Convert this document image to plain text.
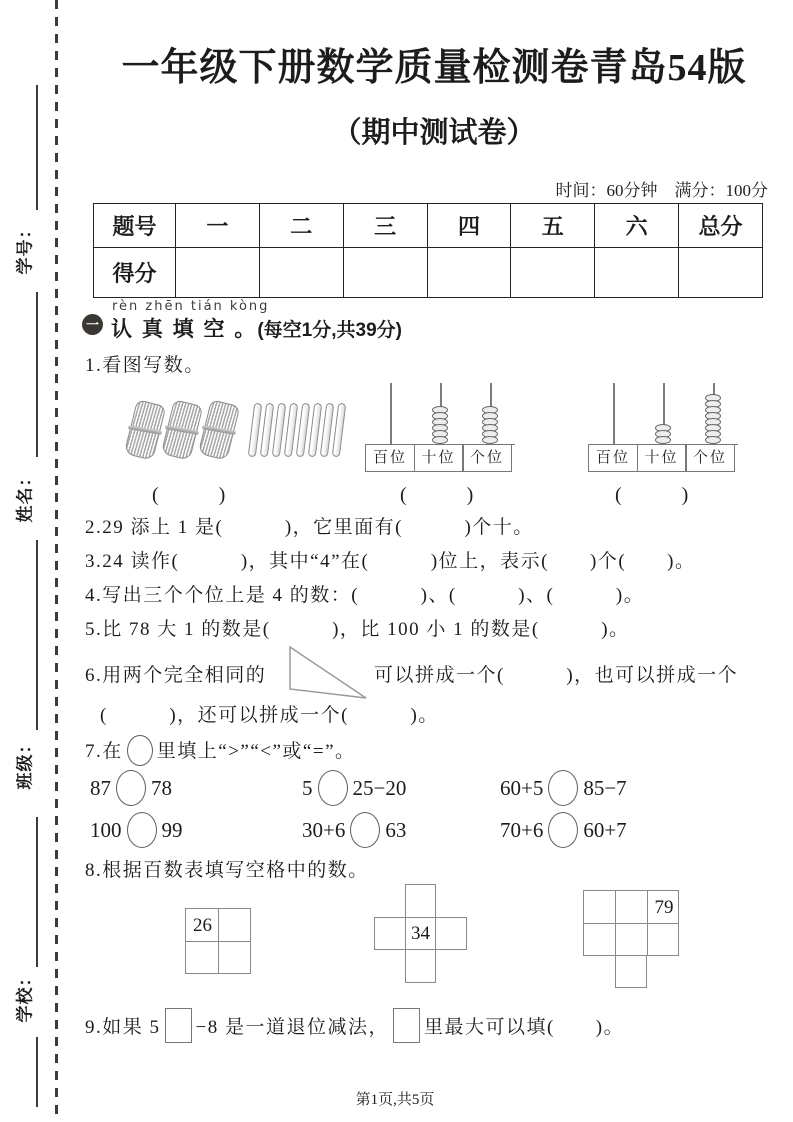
学号：
姓名：
班级：
学校：
一年级下册数学质量检测卷青岛54版
（期中测试卷）
时间：60分钟　满分：100分
题号	一	二	三	四	五	六	总分
得分							
一
rèn zhēn tián kòng
认 真 填 空 。(每空1分,共39分)
1.看图写数。
百位 十位 个位	百位 十位 个位
(　　　)	(　　　)	(　　　)
2.29 添上 1 是(　　　)，它里面有(　　　)个十。
3.24 读作(　　　)，其中“4”在(　　　)位上，表示(　　)个(　　)。
4.写出三个个位上是 4 的数：(　　　)、(　　　)、(　　　)。
5.比 78 大 1 的数是(　　　)，比 100 小 1 的数是(　　　)。
6.用两个完全相同的	可以拼成一个(　　　)，也可以拼成一个
(　　　)，还可以拼成一个(　　　)。
7.在 里填上“>”“<”或“=”。
87 78	5 25−20	60+5 85−7
100 99	30+6 63	70+6 60+7
8.根据百数表填写空格中的数。
26	34
79
9.如果 5 −8 是一道退位减法， 里最大可以填(　　)。
第1页,共5页
